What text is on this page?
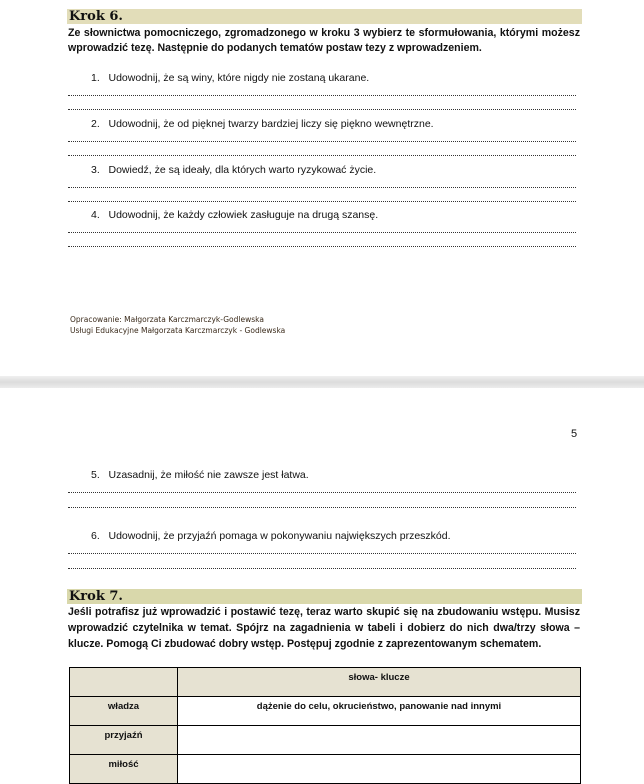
Krok 6.
Ze słownictwa pomocniczego, zgromadzonego w kroku 3 wybierz te sformułowania, którymi możesz wprowadzić tezę. Następnie do podanych tematów postaw tezy z wprowadzeniem.
1.   Udowodnij, że są winy, które nigdy nie zostaną ukarane.
2.   Udowodnij, że od pięknej twarzy bardziej liczy się piękno wewnętrzne.
3.   Dowiedź, że są ideały, dla których warto ryzykować życie.
4.   Udowodnij, że każdy człowiek zasługuje na drugą szansę.
Opracowanie: Małgorzata Karczmarczyk-Godlewska
Usługi Edukacyjne Małgorzata Karczmarczyk - Godlewska
5
5.   Uzasadnij, że miłość nie zawsze jest łatwa.
6.   Udowodnij, że przyjaźń pomaga w pokonywaniu największych przeszkód.
Krok 7.
Jeśli potrafisz już wprowadzić i postawić tezę, teraz warto skupić się na zbudowaniu wstępu. Musisz wprowadzić czytelnika w temat. Spójrz na zagadnienia w tabeli i dobierz do nich dwa/trzy słowa – klucze. Pomogą Ci zbudować dobry wstęp. Postępuj zgodnie z zaprezentowanym schematem.
	słowa- klucze
władza	dążenie do celu, okrucieństwo, panowanie nad innymi
przyjaźń	
miłość	
